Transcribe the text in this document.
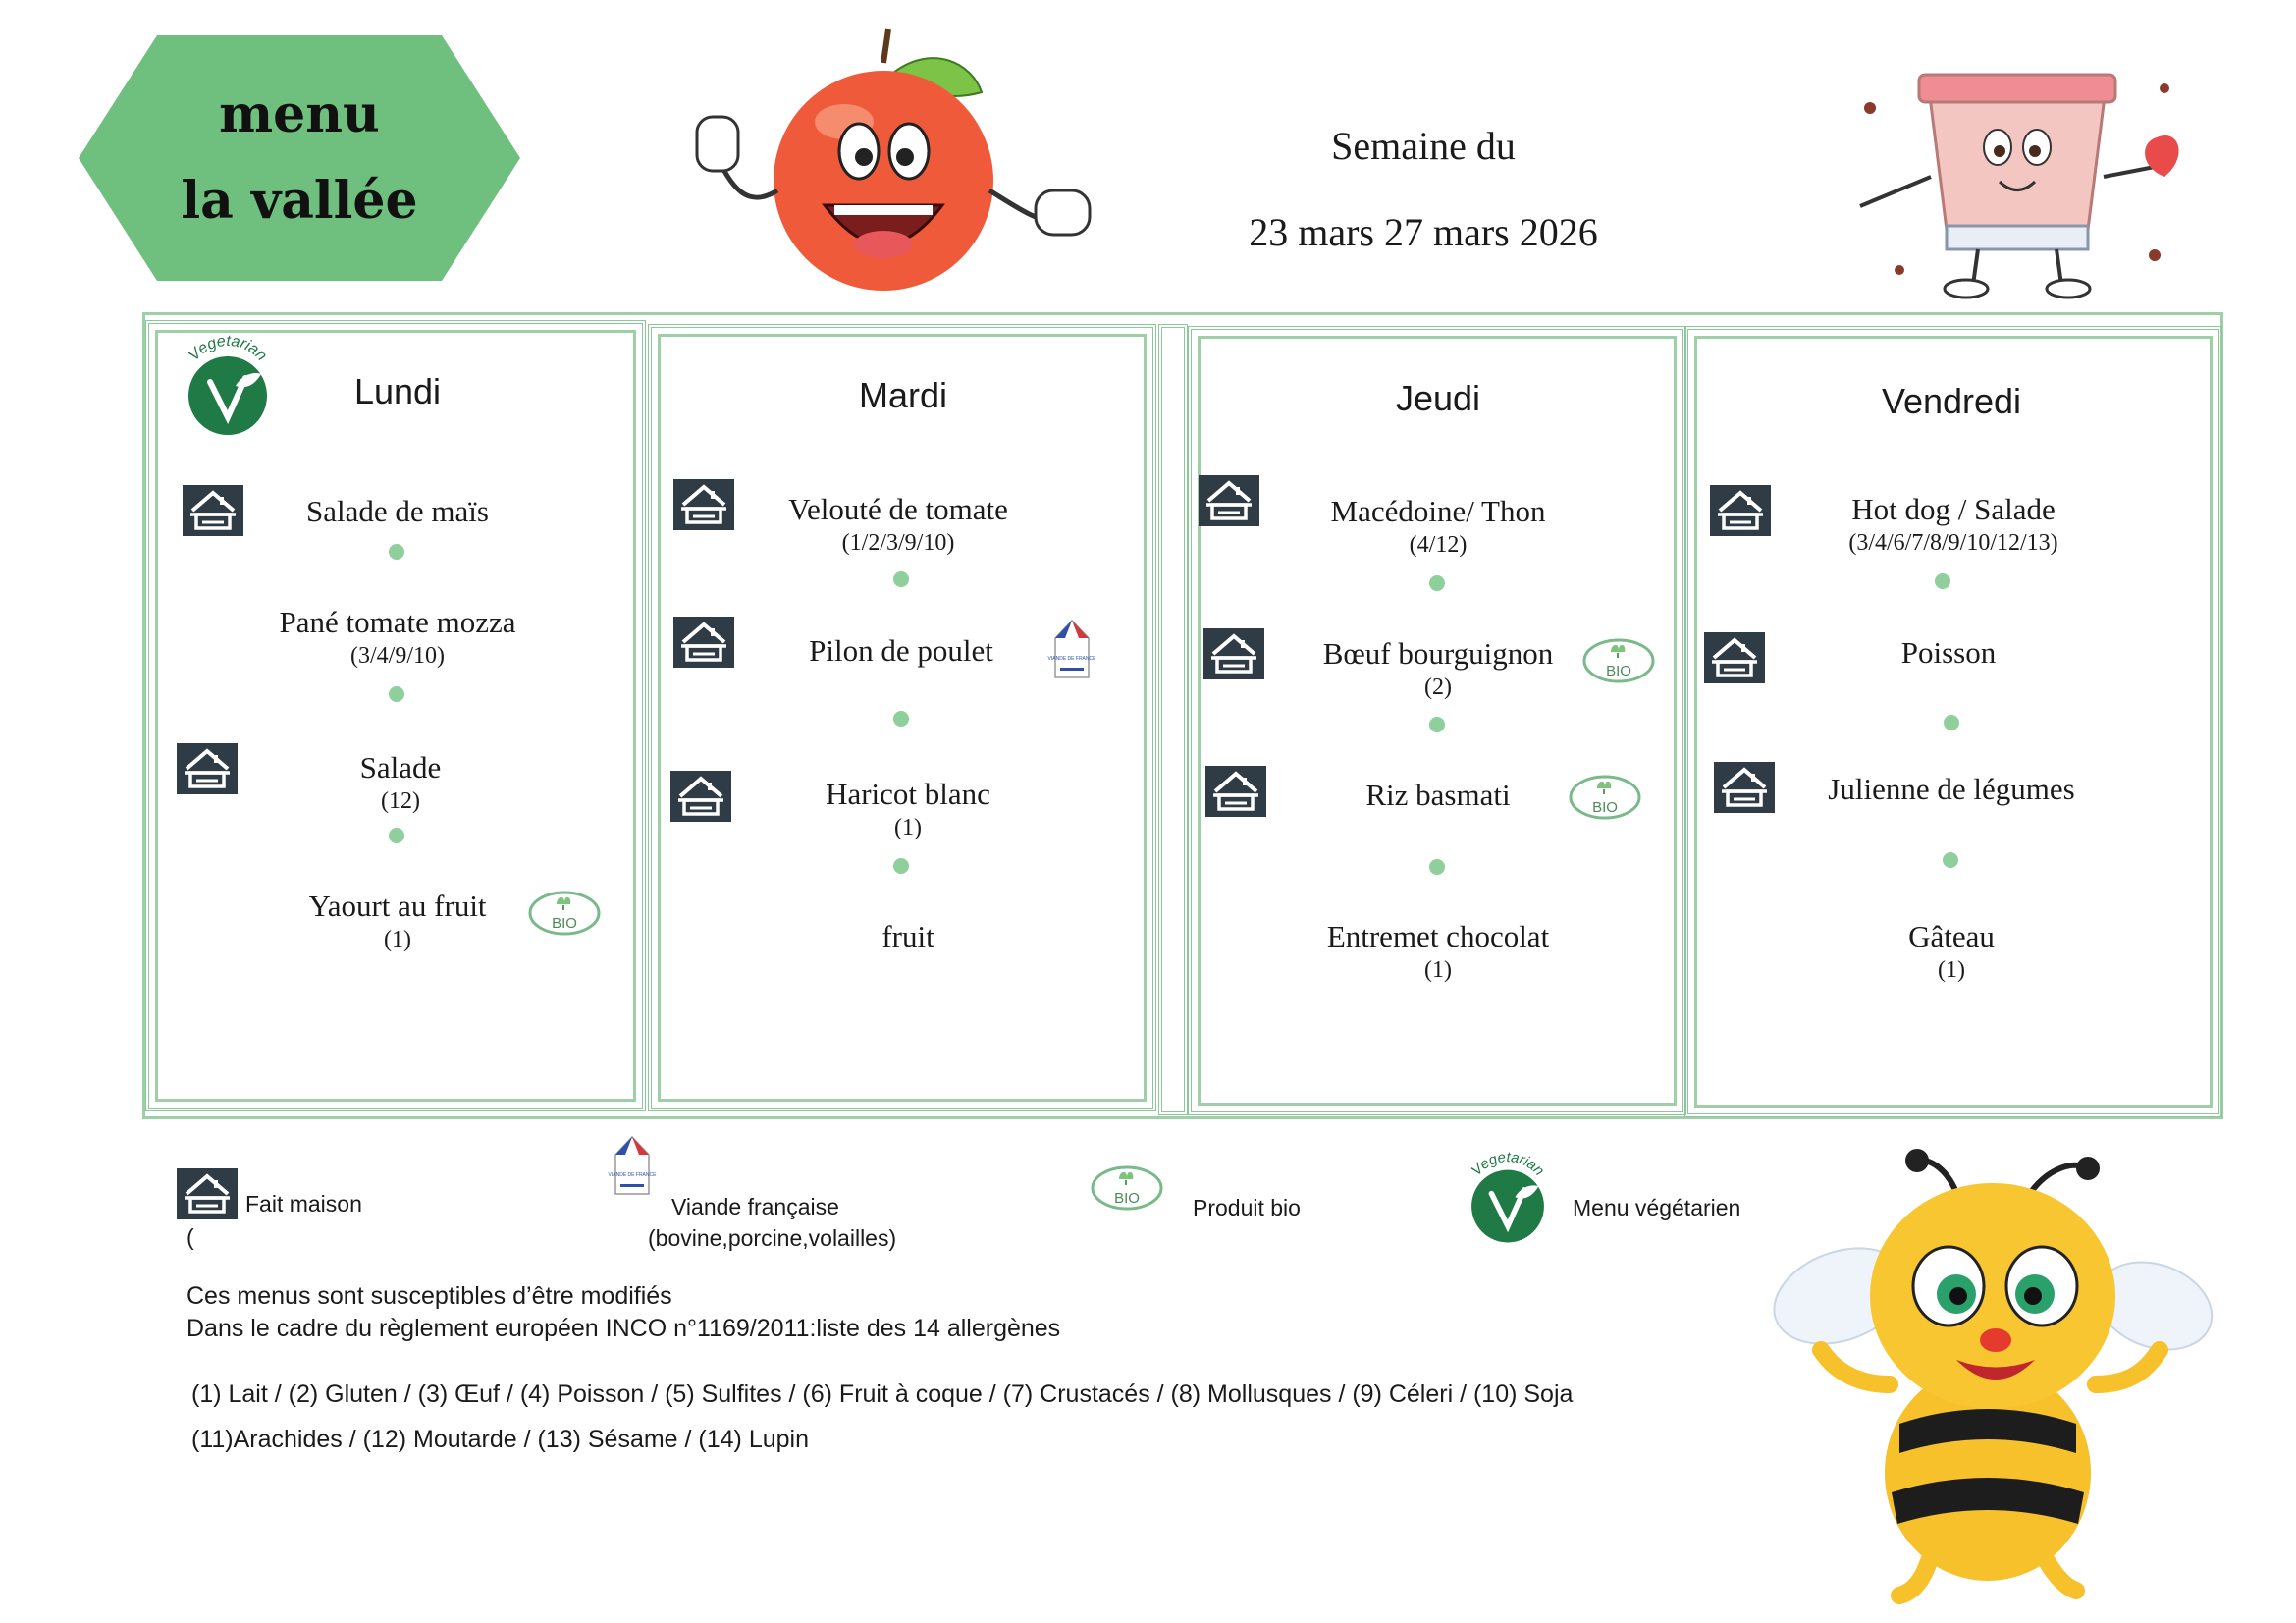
menu
la vallée
Semaine du
23 mars 27 mars 2026
Vegetarian
Lundi
Salade de maïs
Pané tomate mozza
(3/4/9/10)
Salade
(12)
Yaourt au fruit
(1)
BIO
Mardi
Velouté de tomate
(1/2/3/9/10)
Pilon de poulet	VIANDE DE FRANCE
Haricot blanc
(1)
fruit
Jeudi
Macédoine/ Thon
(4/12)
Bœuf bourguignon
(2)
BIO
Riz basmati	BIO
Entremet chocolat
(1)
Vendredi
Hot dog / Salade
(3/4/6/7/8/9/10/12/13)
Poisson
Julienne de légumes
Gâteau
(1)
Fait maison
(
VIANDE DE FRANCE
Viande française
(bovine,porcine,volailles)
BIO Produit bio
Vegetarian
Menu végétarien
Ces menus sont susceptibles d’être modifiés
Dans le cadre du règlement européen INCO n°1169/2011:liste des 14 allergènes
(1) Lait / (2) Gluten / (3) Œuf / (4) Poisson / (5) Sulfites / (6) Fruit à coque / (7) Crustacés / (8) Mollusques / (9) Céleri / (10) Soja
(11)Arachides / (12) Moutarde / (13) Sésame / (14) Lupin
